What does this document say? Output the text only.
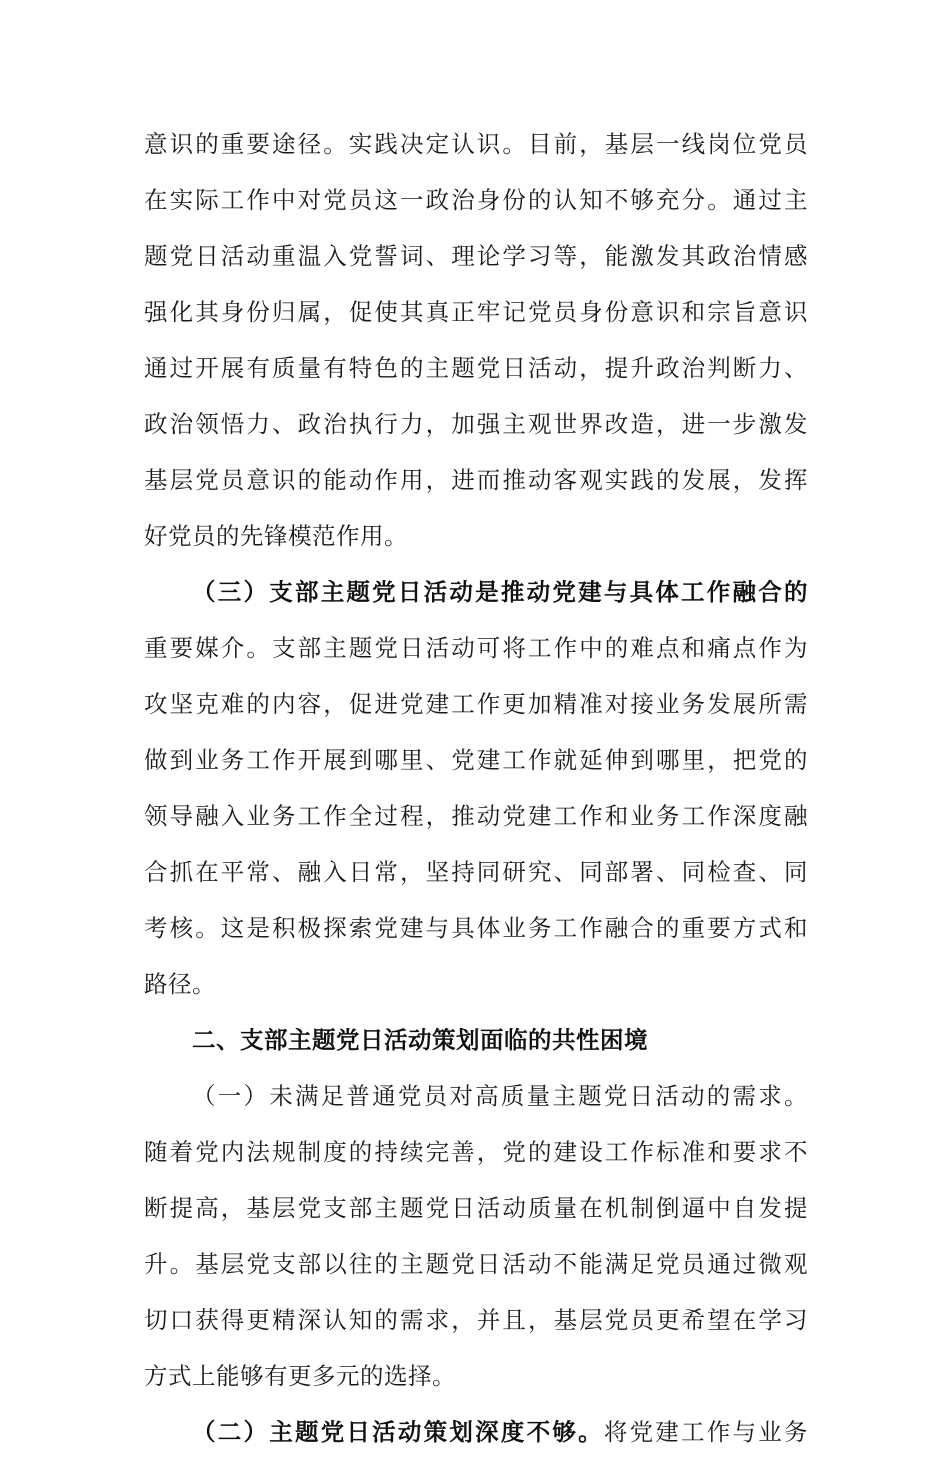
意识的重要途径。实践决定认识。目前，基层一线岗位党员
在实际工作中对党员这一政治身份的认知不够充分。通过主
题党日活动重温入党誓词、理论学习等，能激发其政治情感
强化其身份归属，促使其真正牢记党员身份意识和宗旨意识
通过开展有质量有特色的主题党日活动，提升政治判断力、
政治领悟力、政治执行力，加强主观世界改造，进一步激发
基层党员意识的能动作用，进而推动客观实践的发展，发挥
好党员的先锋模范作用。
（三）支部主题党日活动是推动党建与具体工作融合的
重要媒介。支部主题党日活动可将工作中的难点和痛点作为
攻坚克难的内容，促进党建工作更加精准对接业务发展所需
做到业务工作开展到哪里、党建工作就延伸到哪里，把党的
领导融入业务工作全过程，推动党建工作和业务工作深度融
合抓在平常、融入日常，坚持同研究、同部署、同检查、同
考核。这是积极探索党建与具体业务工作融合的重要方式和
路径。
二、支部主题党日活动策划面临的共性困境
（一）未满足普通党员对高质量主题党日活动的需求。
随着党内法规制度的持续完善，党的建设工作标准和要求不
断提高，基层党支部主题党日活动质量在机制倒逼中自发提
升。基层党支部以往的主题党日活动不能满足党员通过微观
切口获得更精深认知的需求，并且，基层党员更希望在学习
方式上能够有更多元的选择。
（二）主题党日活动策划深度不够。将党建工作与业务
